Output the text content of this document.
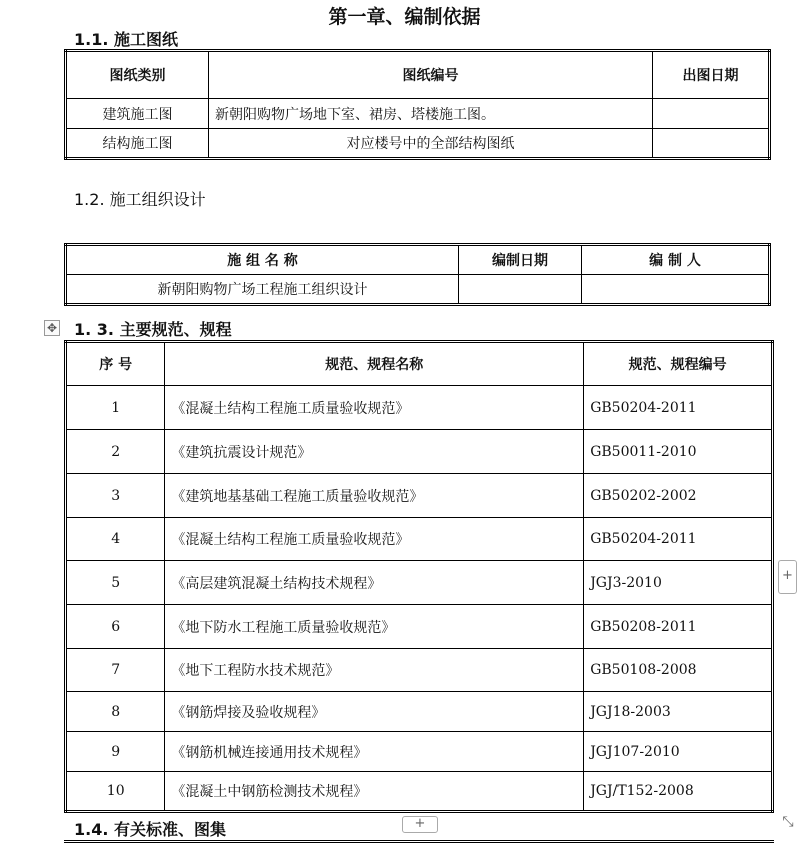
第一章、编制依据
1.1. 施工图纸
图纸类别	图纸编号	出图日期
建筑施工图	新朝阳购物广场地下室、裙房、塔楼施工图。	
结构施工图	对应楼号中的全部结构图纸	
1.2. 施工组织设计
施 组 名 称	编制日期	编 制 人
新朝阳购物广场工程施工组织设计		
✥ 1. 3. 主要规范、规程
序 号	规范、规程名称	规范、规程编号
1	《混凝土结构工程施工质量验收规范》	GB50204-2011
2	《建筑抗震设计规范》	GB50011-2010
3	《建筑地基基础工程施工质量验收规范》	GB50202-2002
4	《混凝土结构工程施工质量验收规范》	GB50204-2011
5	《高层建筑混凝土结构技术规程》	JGJ3-2010
6	《地下防水工程施工质量验收规范》	GB50208-2011
7	《地下工程防水技术规范》	GB50108-2008
8	《钢筋焊接及验收规程》	JGJ18-2003
9	《钢筋机械连接通用技术规程》	JGJ107-2010
10	《混凝土中钢筋检测技术规程》	JGJ/T152-2008
+
1.4. 有关标准、图集	+	⤡
